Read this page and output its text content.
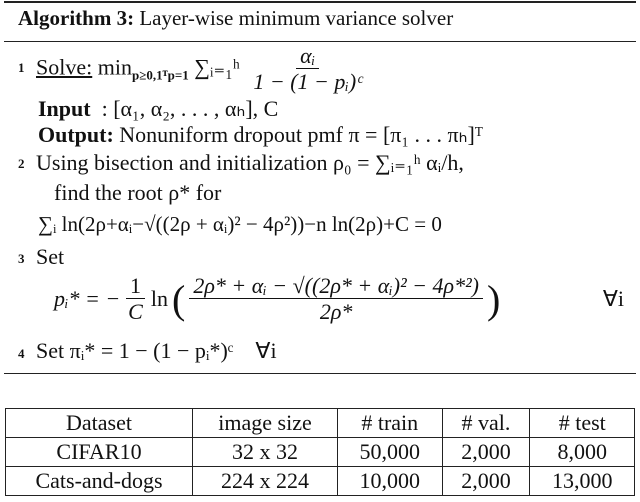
Algorithm 3: Layer-wise minimum variance solver
1 Solve: $\min_{p\ge 0,1ᵀp=1}$ ∑ᵢ₌₁ʰ $\frac{\text{αᵢ}}{\text{1 − (1 − pᵢ)ᶜ}}$
Input : [α₁, α₂, . . . , αₕ], C
Output: Nonuniform dropout pmf π = [π₁ . . . πₕ]ᵀ
2 Using bisection and initialization ρ₀ = ∑ᵢ₌₁ʰ αᵢ/h,
find the root ρ* for
∑ᵢ ln(2ρ+αᵢ−√((2ρ + αᵢ)² − 4ρ²))−n ln(2ρ)+C = 0
3 Set
pᵢ* = − $\frac{1}{C}$ ln ( $\frac{\text{2ρ* + αᵢ − √((2ρ* + αᵢ)² − 4ρ*²)}}{2\rho*}$ )	∀i
4 Set πᵢ* = 1 − (1 − pᵢ*)ᶜ    ∀i
Dataset	image size	# train	# val.	# test
CIFAR10	32 x 32	50,000	2,000	8,000
Cats-and-dogs	224 x 224	10,000	2,000	13,000
